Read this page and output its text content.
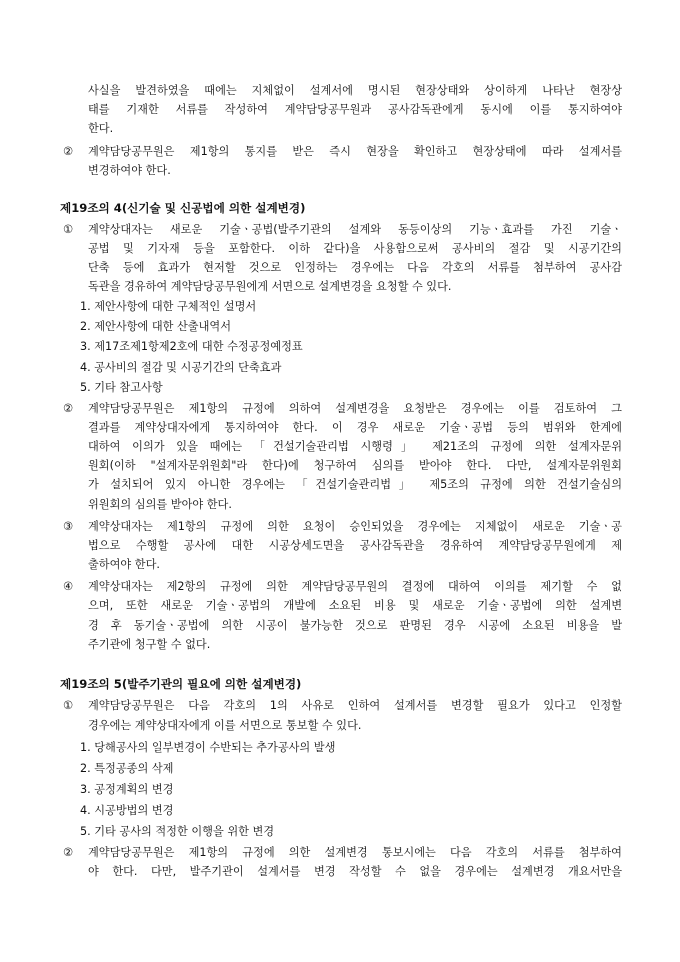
사실을 발견하였을 때에는 지체없이 설계서에 명시된 현장상태와 상이하게 나타난 현장상
태를 기재한 서류를 작성하여 계약담당공무원과 공사감독관에게 동시에 이를 통지하여야
한다.
②	계약담당공무원은 제1항의 통지를 받은 즉시 현장을 확인하고 현장상태에 따라 설계서를
변경하여야 한다.
제19조의 4(신기술 및 신공법에 의한 설계변경)
①	계약상대자는 새로운 기술ㆍ공법(발주기관의 설계와 동등이상의 기능ㆍ효과를 가진 기술ㆍ
공법 및 기자재 등을 포함한다. 이하 같다)을 사용함으로써 공사비의 절감 및 시공기간의
단축 등에 효과가 현저할 것으로 인정하는 경우에는 다음 각호의 서류를 첨부하여 공사감
독관을 경유하여 계약담당공무원에게 서면으로 설계변경을 요청할 수 있다.
1. 제안사항에 대한 구체적인 설명서
2. 제안사항에 대한 산출내역서
3. 제17조제1항제2호에 대한 수정공정예정표
4. 공사비의 절감 및 시공기간의 단축효과
5. 기타 참고사항
②	계약담당공무원은 제1항의 규정에 의하여 설계변경을 요청받은 경우에는 이를 검토하여 그
결과를 계약상대자에게 통지하여야 한다. 이 경우 새로운 기술ㆍ공법 등의 범위와 한계에
대하여 이의가 있을 때에는 「건설기술관리법 시행령」 제21조의 규정에 의한 설계자문위
원회(이하 "설계자문위원회"라 한다)에 청구하여 심의를 받아야 한다. 다만, 설계자문위원회
가 설치되어 있지 아니한 경우에는 「건설기술관리법」 제5조의 규정에 의한 건설기술심의
위원회의 심의를 받아야 한다.
③	계약상대자는 제1항의 규정에 의한 요청이 승인되었을 경우에는 지체없이 새로운 기술ㆍ공
법으로 수행할 공사에 대한 시공상세도면을 공사감독관을 경유하여 계약담당공무원에게 제
출하여야 한다.
④	계약상대자는 제2항의 규정에 의한 계약담당공무원의 결정에 대하여 이의를 제기할 수 없
으며, 또한 새로운 기술ㆍ공법의 개발에 소요된 비용 및 새로운 기술ㆍ공법에 의한 설계변
경 후 동기술ㆍ공법에 의한 시공이 불가능한 것으로 판명된 경우 시공에 소요된 비용을 발
주기관에 청구할 수 없다.
제19조의 5(발주기관의 필요에 의한 설계변경)
①	계약담당공무원은 다음 각호의 1의 사유로 인하여 설계서를 변경할 필요가 있다고 인정할
경우에는 계약상대자에게 이를 서면으로 통보할 수 있다.
1. 당해공사의 일부변경이 수반되는 추가공사의 발생
2. 특정공종의 삭제
3. 공정계획의 변경
4. 시공방법의 변경
5. 기타 공사의 적정한 이행을 위한 변경
②	계약담당공무원은 제1항의 규정에 의한 설계변경 통보시에는 다음 각호의 서류를 첨부하여
야 한다. 다만, 발주기관이 설계서를 변경 작성할 수 없을 경우에는 설계변경 개요서만을
